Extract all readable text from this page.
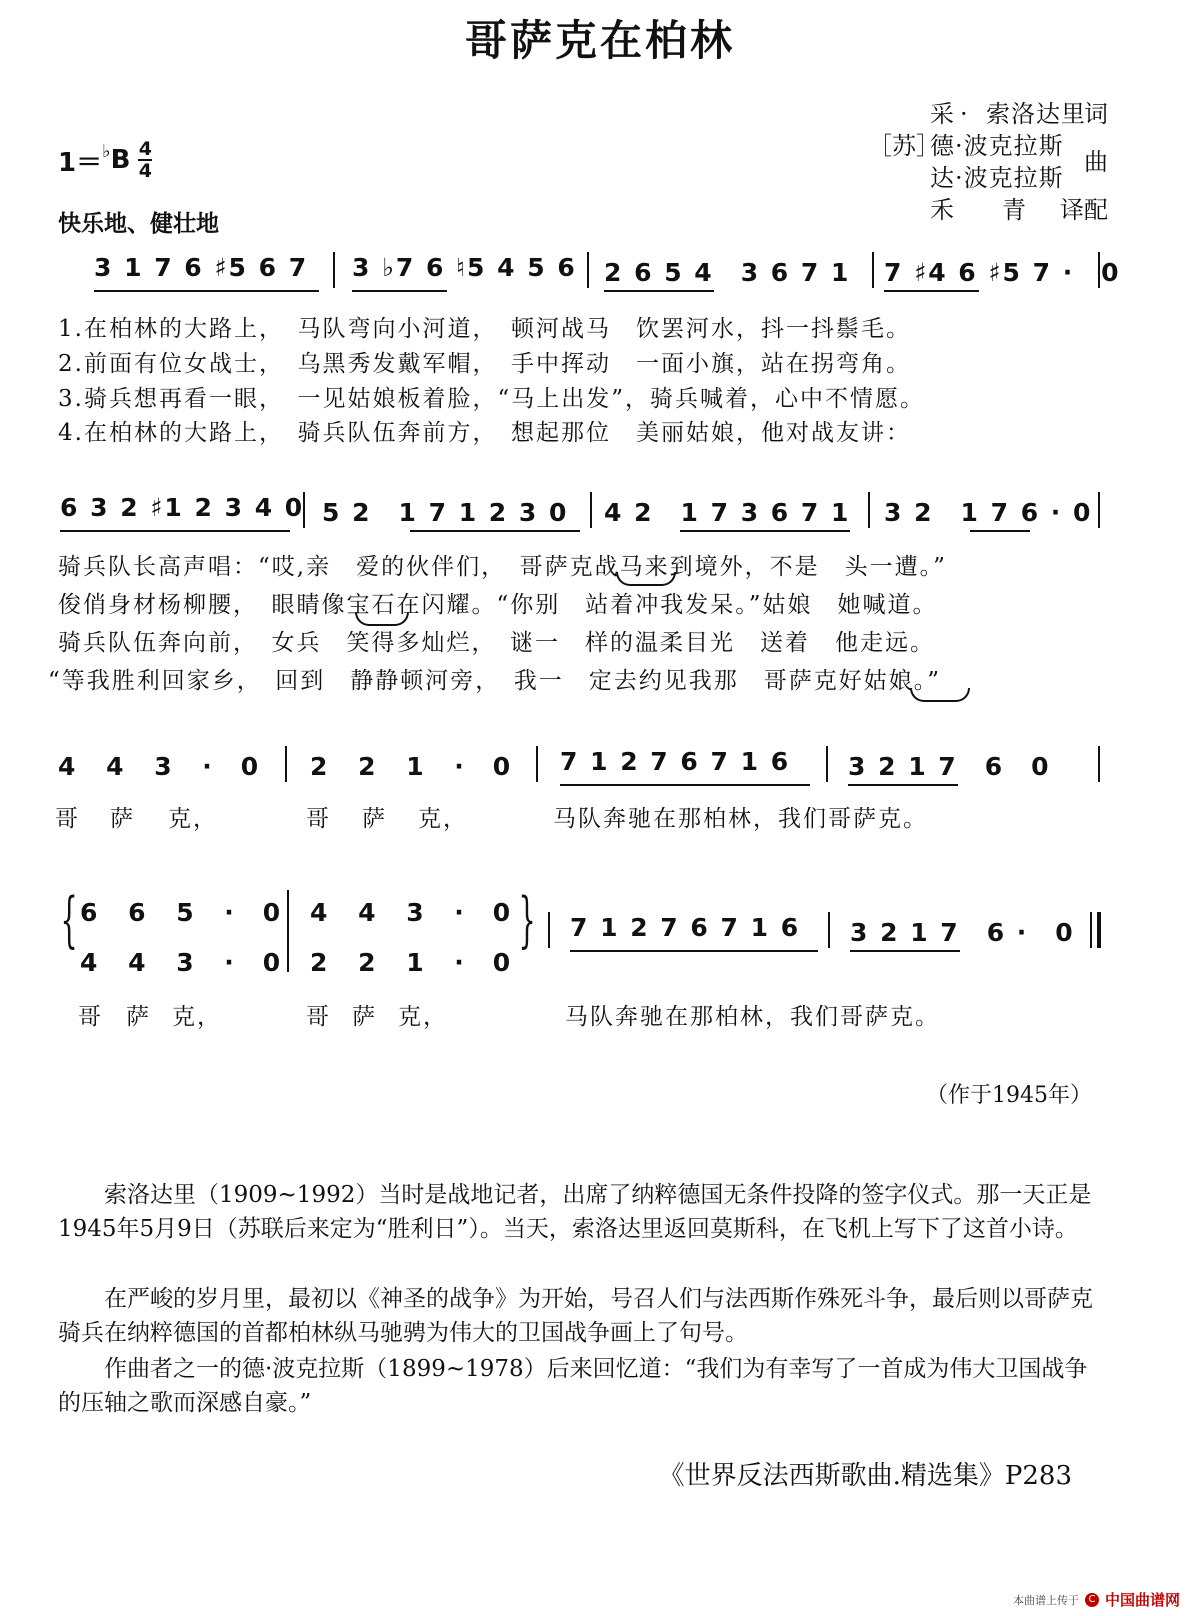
哥萨克在柏林
采 · 索洛达里
词
［苏］
德·波克拉斯
达·波克拉斯
曲
禾　　青 译配
1＝ ♭ B 4
4
快乐地、健壮地
3 1 7 6 ♯5 6 7 3 ♭7 6 ♮5 4 5 6 2 6 5 4　3 6 7 1 7 ♯4 6 ♯5 7 ·　0
1.在柏林的大路上，　马队弯向小河道，　顿河战马　饮罢河水，抖一抖鬃毛。
2.前面有位女战士，　乌黑秀发戴军帽，　手中挥动　一面小旗，站在拐弯角。
3.骑兵想再看一眼，　一见姑娘板着脸，“马上出发”，骑兵喊着，心中不情愿。
4.在柏林的大路上，　骑兵队伍奔前方，　想起那位　美丽姑娘，他对战友讲：
6 3 2 ♯1 2 3 4 0 5 2　1 7 1 2 3 0 4 2　1 7 3 6 7 1 3 2　1 7 6 · 0
骑兵队长高声唱：“哎,亲　爱的伙伴们，　哥萨克战马来到境外，不是　头一遭。”
俊俏身材杨柳腰，　眼睛像宝石在闪耀。“你别　站着冲我发呆。”姑娘　她喊道。
骑兵队伍奔向前，　女兵　笑得多灿烂，　谜一　样的温柔目光　送着　他走远。
“等我胜利回家乡，　回到　静静顿河旁，　我一　定去约见我那　哥萨克好姑娘。”
4 4 3 ·　0 2 2 1 ·　0 7 1 2 7 6 7 1 6 3 2 1 7　6　0
哥 萨 克，	哥 萨 克，	马队奔驰在那柏林，我们哥萨克。
{	}
6 6 5 ·　0 4 4 3 ·　0
4 4 3 ·　0 2 2 1 ·　0
7 1 2 7 6 7 1 6 3 2 1 7　6 ·　0
哥 萨 克，	哥 萨 克，	马队奔驰在那柏林，我们哥萨克。
（作于1945年）
索洛达里（1909~1992）当时是战地记者，出席了纳粹德国无条件投降的签字仪式。那一天正是1945年5月9日（苏联后来定为“胜利日”）。当天，索洛达里返回莫斯科，在飞机上写下了这首小诗。
在严峻的岁月里，最初以《神圣的战争》为开始，号召人们与法西斯作殊死斗争，最后则以哥萨克骑兵在纳粹德国的首都柏林纵马驰骋为伟大的卫国战争画上了句号。
作曲者之一的德·波克拉斯（1899~1978）后来回忆道：“我们为有幸写了一首成为伟大卫国战争的压轴之歌而深感自豪。”
《世界反法西斯歌曲.精选集》P283
本曲谱上传于 C 中国曲谱网
